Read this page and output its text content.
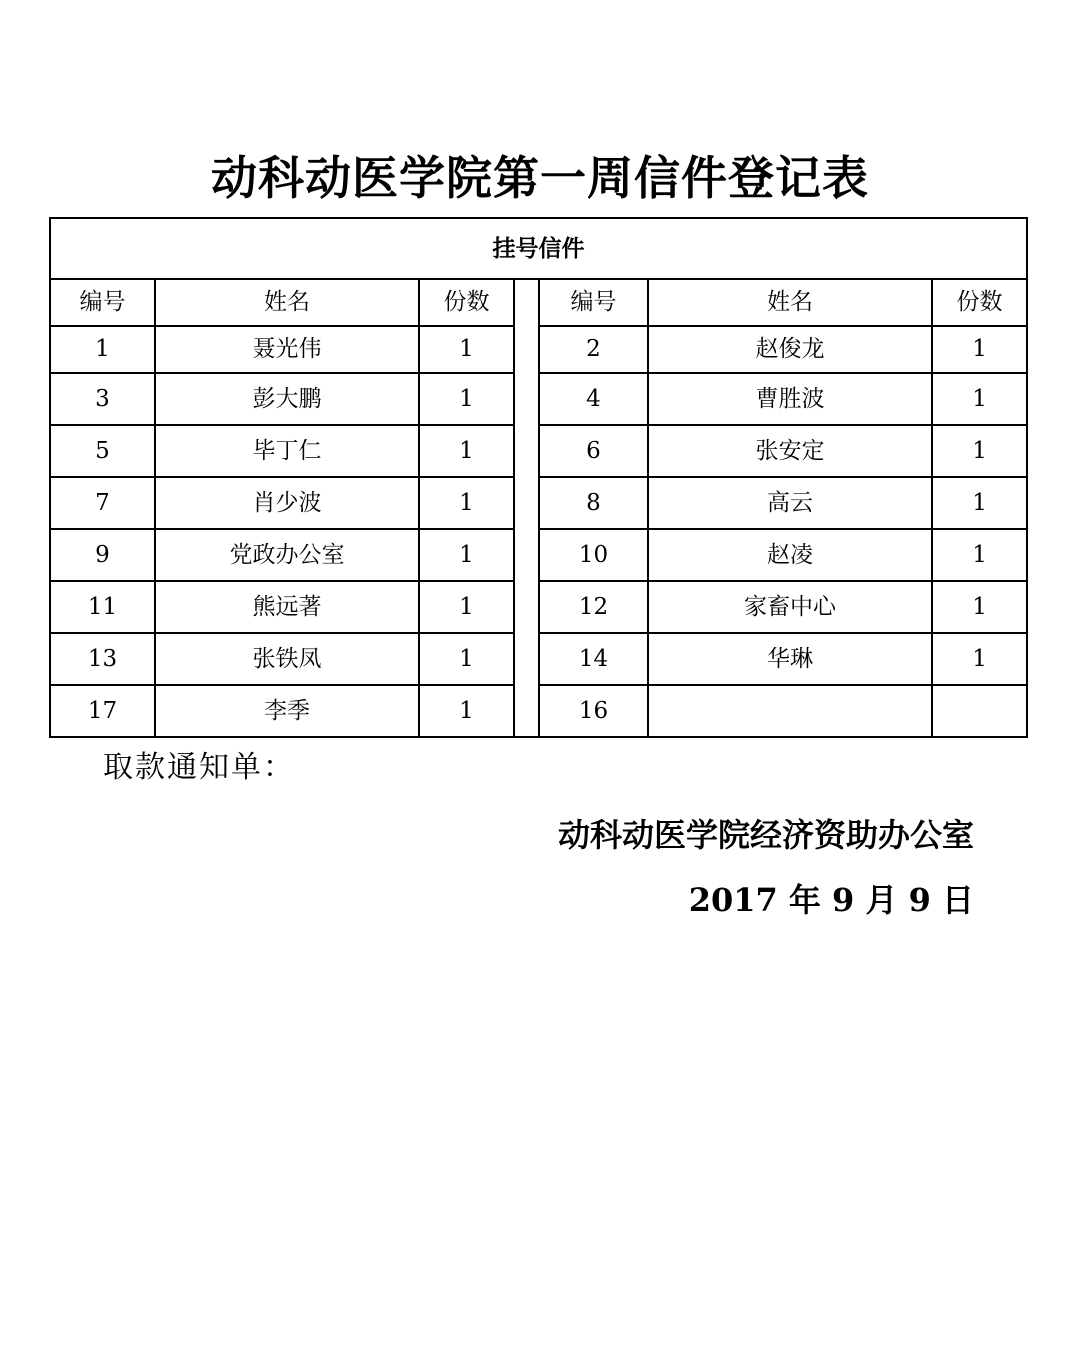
动科动医学院第一周信件登记表
挂号信件						
编号	姓名	份数		编号	姓名	份数
1	聂光伟	1		2	赵俊龙	1
3	彭大鹏	1		4	曹胜波	1
5	毕丁仁	1		6	张安定	1
7	肖少波	1		8	高云	1
9	党政办公室	1		10	赵凌	1
11	熊远著	1		12	家畜中心	1
13	张铁凤	1		14	华琳	1
17	李季	1		16		
取款通知单：
动科动医学院经济资助办公室
2017 年 9 月 9 日
